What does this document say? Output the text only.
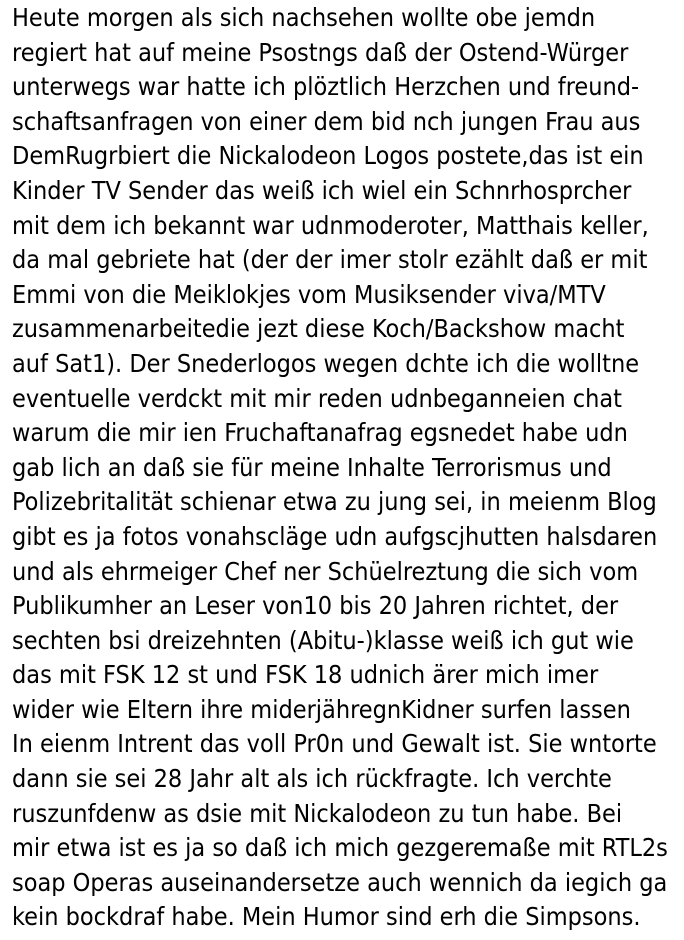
Heute morgen als sich nachsehen wollte obe jemdn
regiert hat auf meine Psostngs daß der Ostend-Würger
unterwegs war hatte ich plöztlich Herzchen und freund-
schaftsanfragen von einer dem bid nch jungen Frau aus
DemRugrbiert die Nickalodeon Logos postete,das ist ein
Kinder TV Sender das weiß ich wiel ein Schnrhosprcher
mit dem ich bekannt war udnmoderoter, Matthais keller,
da mal gebriete hat (der der imer stolr ezählt daß er mit
Emmi von die Meiklokjes vom Musiksender viva/MTV
zusammenarbeitedie jezt diese Koch/Backshow macht
auf Sat1). Der Snederlogos wegen dchte ich die wolltne
eventuelle verdckt mit mir reden udnbeganneien chat
warum die mir ien Fruchaftanafrag egsnedet habe udn
gab lich an daß sie für meine Inhalte Terrorismus und
Polizebritalität schienar etwa zu jung sei, in meienm Blog
gibt es ja fotos vonahscläge udn aufgscjhutten halsdaren
und als ehrmeiger Chef ner Schüelreztung die sich vom
Publikumher an Leser von10 bis 20 Jahren richtet, der
sechten bsi dreizehnten (Abitu-)klasse weiß ich gut wie
das mit FSK 12 st und FSK 18 udnich ärer mich imer
wider wie Eltern ihre miderjähregnKidner surfen lassen
In eienm Intrent das voll Pr0n und Gewalt ist. Sie wntorte
dann sie sei 28 Jahr alt als ich rückfragte. Ich verchte
ruszunfdenw as dsie mit Nickalodeon zu tun habe. Bei
mir etwa ist es ja so daß ich mich gezgeremaße mit RTL2s
soap Operas auseinandersetze auch wennich da iegich ga
kein bockdraf habe. Mein Humor sind erh die Simpsons.
